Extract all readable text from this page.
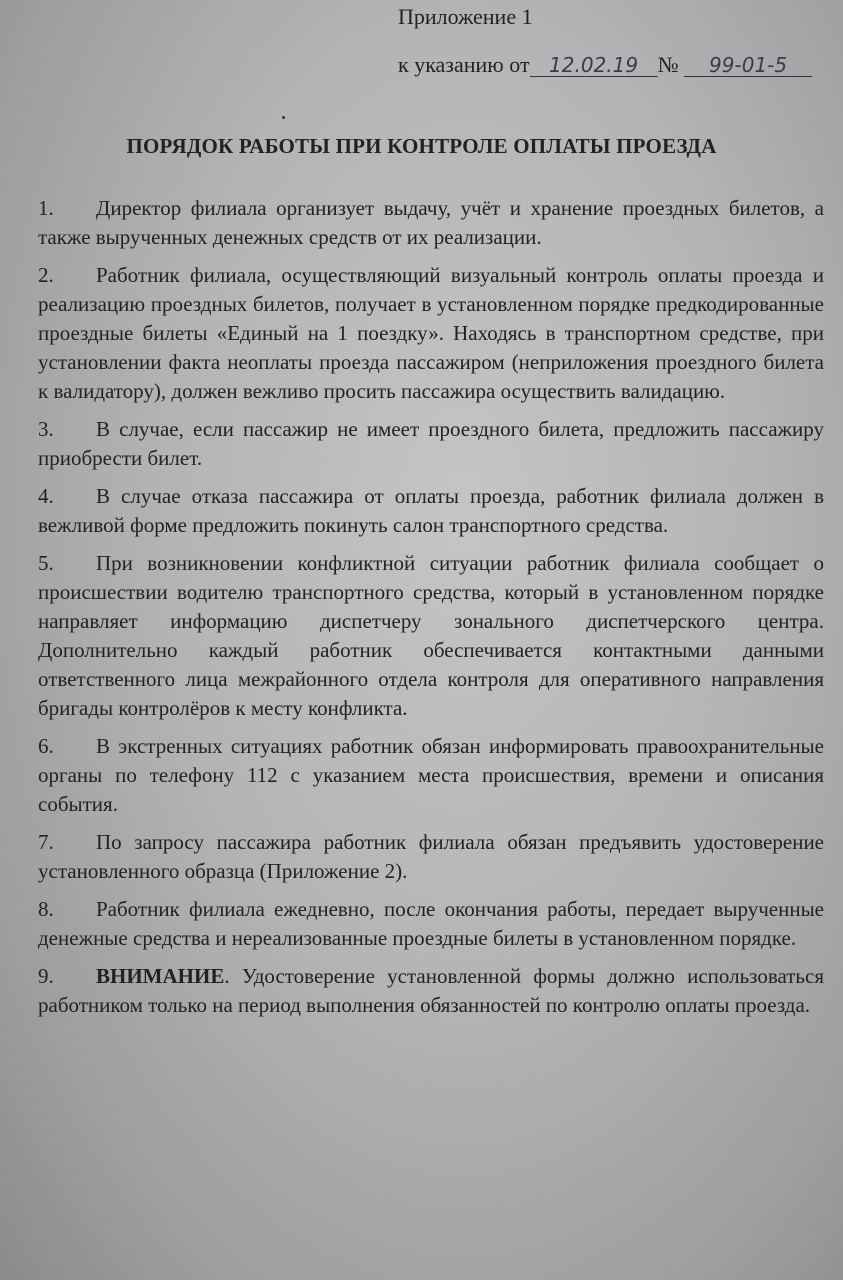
Приложение 1
к указанию от 12.02.19 № 99-01-5
ПОРЯДОК РАБОТЫ ПРИ КОНТРОЛЕ ОПЛАТЫ ПРОЕЗДА

1. Директор филиала организует выдачу, учёт и хранение проездных билетов, а также вырученных денежных средств от их реализации.

2. Работник филиала, осуществляющий визуальный контроль оплаты проезда и реализацию проездных билетов, получает в установленном порядке предкодированные проездные билеты «Единый на 1 поездку». Находясь в транспортном средстве, при установлении факта неоплаты проезда пассажиром (неприложения проездного билета к валидатору), должен вежливо просить пассажира осуществить валидацию.

3. В случае, если пассажир не имеет проездного билета, предложить пассажиру приобрести билет.

4. В случае отказа пассажира от оплаты проезда, работник филиала должен в вежливой форме предложить покинуть салон транспортного средства.

5. При возникновении конфликтной ситуации работник филиала сообщает о происшествии водителю транспортного средства, который в установленном порядке направляет информацию диспетчеру зонального диспетчерского центра. Дополнительно каждый работник обеспечивается контактными данными ответственного лица межрайонного отдела контроля для оперативного направления бригады контролёров к месту конфликта.

6. В экстренных ситуациях работник обязан информировать правоохранительные органы по телефону 112 с указанием места происшествия, времени и описания события.

7. По запросу пассажира работник филиала обязан предъявить удостоверение установленного образца (Приложение 2).

8. Работник филиала ежедневно, после окончания работы, передает вырученные денежные средства и нереализованные проездные билеты в установленном порядке.

9. ВНИМАНИЕ. Удостоверение установленной формы должно использоваться работником только на период выполнения обязанностей по контролю оплаты проезда.
